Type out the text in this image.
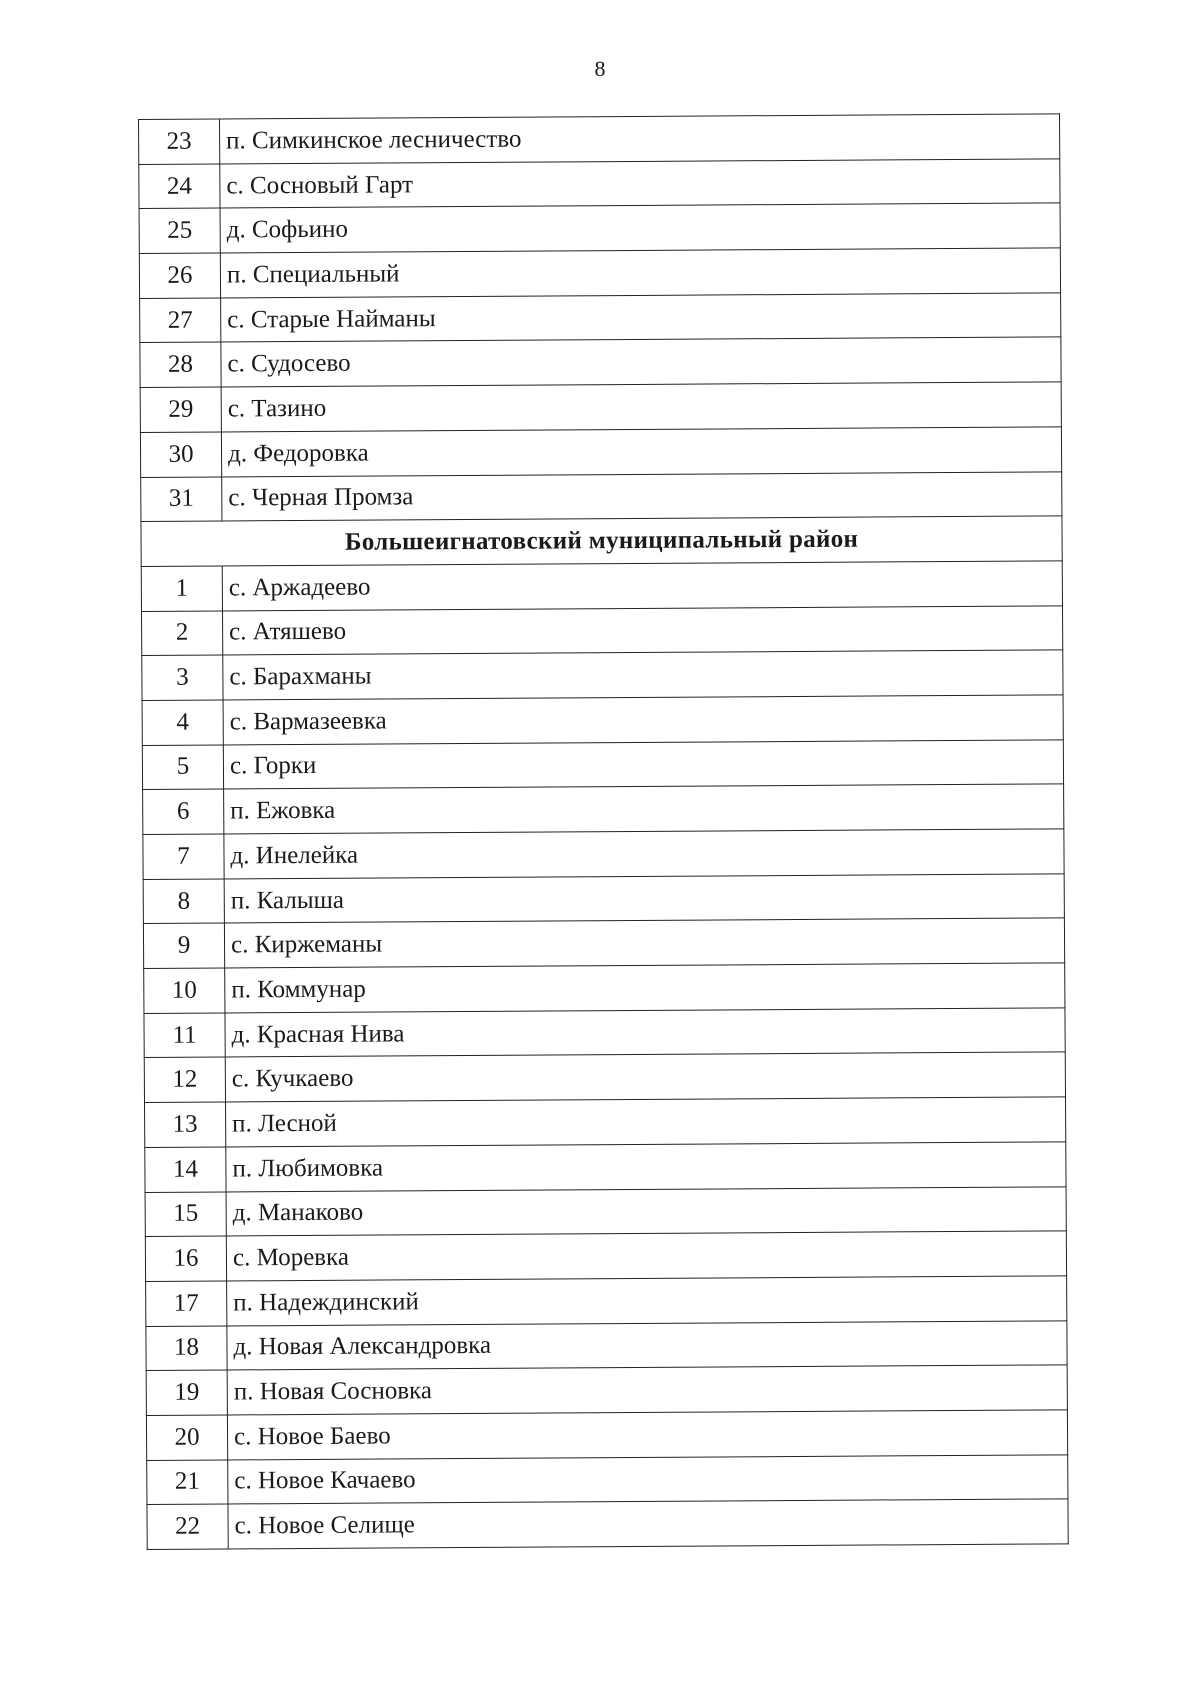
8
23	п. Симкинское лесничество
24	с. Сосновый Гарт
25	д. Софьино
26	п. Специальный
27	с. Старые Найманы
28	с. Судосево
29	с. Тазино
30	д. Федоровка
31	с. Черная Промза
Большеигнатовский муниципальный район	
1	с. Аржадеево
2	с. Атяшево
3	с. Барахманы
4	с. Вармазеевка
5	с. Горки
6	п. Ежовка
7	д. Инелейка
8	п. Калыша
9	с. Киржеманы
10	п. Коммунар
11	д. Красная Нива
12	с. Кучкаево
13	п. Лесной
14	п. Любимовка
15	д. Манаково
16	с. Моревка
17	п. Надеждинский
18	д. Новая Александровка
19	п. Новая Сосновка
20	с. Новое Баево
21	с. Новое Качаево
22	с. Новое Селище
